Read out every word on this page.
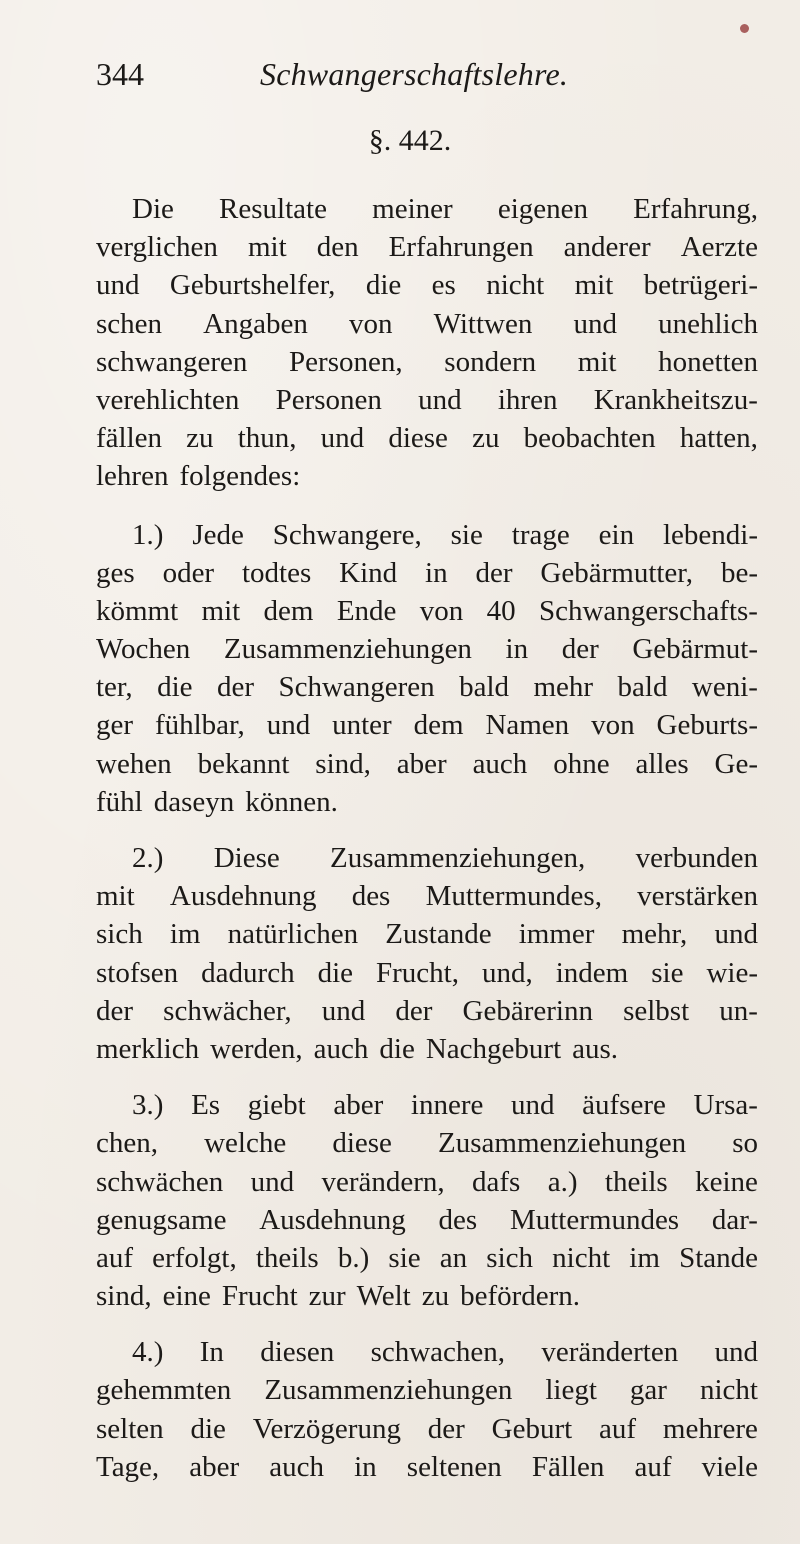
344	Schwangerschaftslehre.
§. 442.
Die Resultate meiner eigenen Erfahrung,
verglichen mit den Erfahrungen anderer Aerzte
und Geburtshelfer, die es nicht mit betrügeri-
schen Angaben von Wittwen und unehlich
schwangeren Personen, sondern mit honetten
verehlichten Personen und ihren Krankheitszu-
fällen zu thun, und diese zu beobachten hatten,
lehren folgendes:
1.) Jede Schwangere, sie trage ein lebendi-
ges oder todtes Kind in der Gebärmutter, be-
kömmt mit dem Ende von 40 Schwangerschafts-
Wochen Zusammenziehungen in der Gebärmut-
ter, die der Schwangeren bald mehr bald weni-
ger fühlbar, und unter dem Namen von Geburts-
wehen bekannt sind, aber auch ohne alles Ge-
fühl daseyn können.
2.) Diese Zusammenziehungen, verbunden
mit Ausdehnung des Muttermundes, verstärken
sich im natürlichen Zustande immer mehr, und
stofsen dadurch die Frucht, und, indem sie wie-
der schwächer, und der Gebärerinn selbst un-
merklich werden, auch die Nachgeburt aus.
3.) Es giebt aber innere und äufsere Ursa-
chen, welche diese Zusammenziehungen so
schwächen und verändern, dafs a.) theils keine
genugsame Ausdehnung des Muttermundes dar-
auf erfolgt, theils b.) sie an sich nicht im Stande
sind, eine Frucht zur Welt zu befördern.
4.) In diesen schwachen, veränderten und
gehemmten Zusammenziehungen liegt gar nicht
selten die Verzögerung der Geburt auf mehrere
Tage, aber auch in seltenen Fällen auf viele
